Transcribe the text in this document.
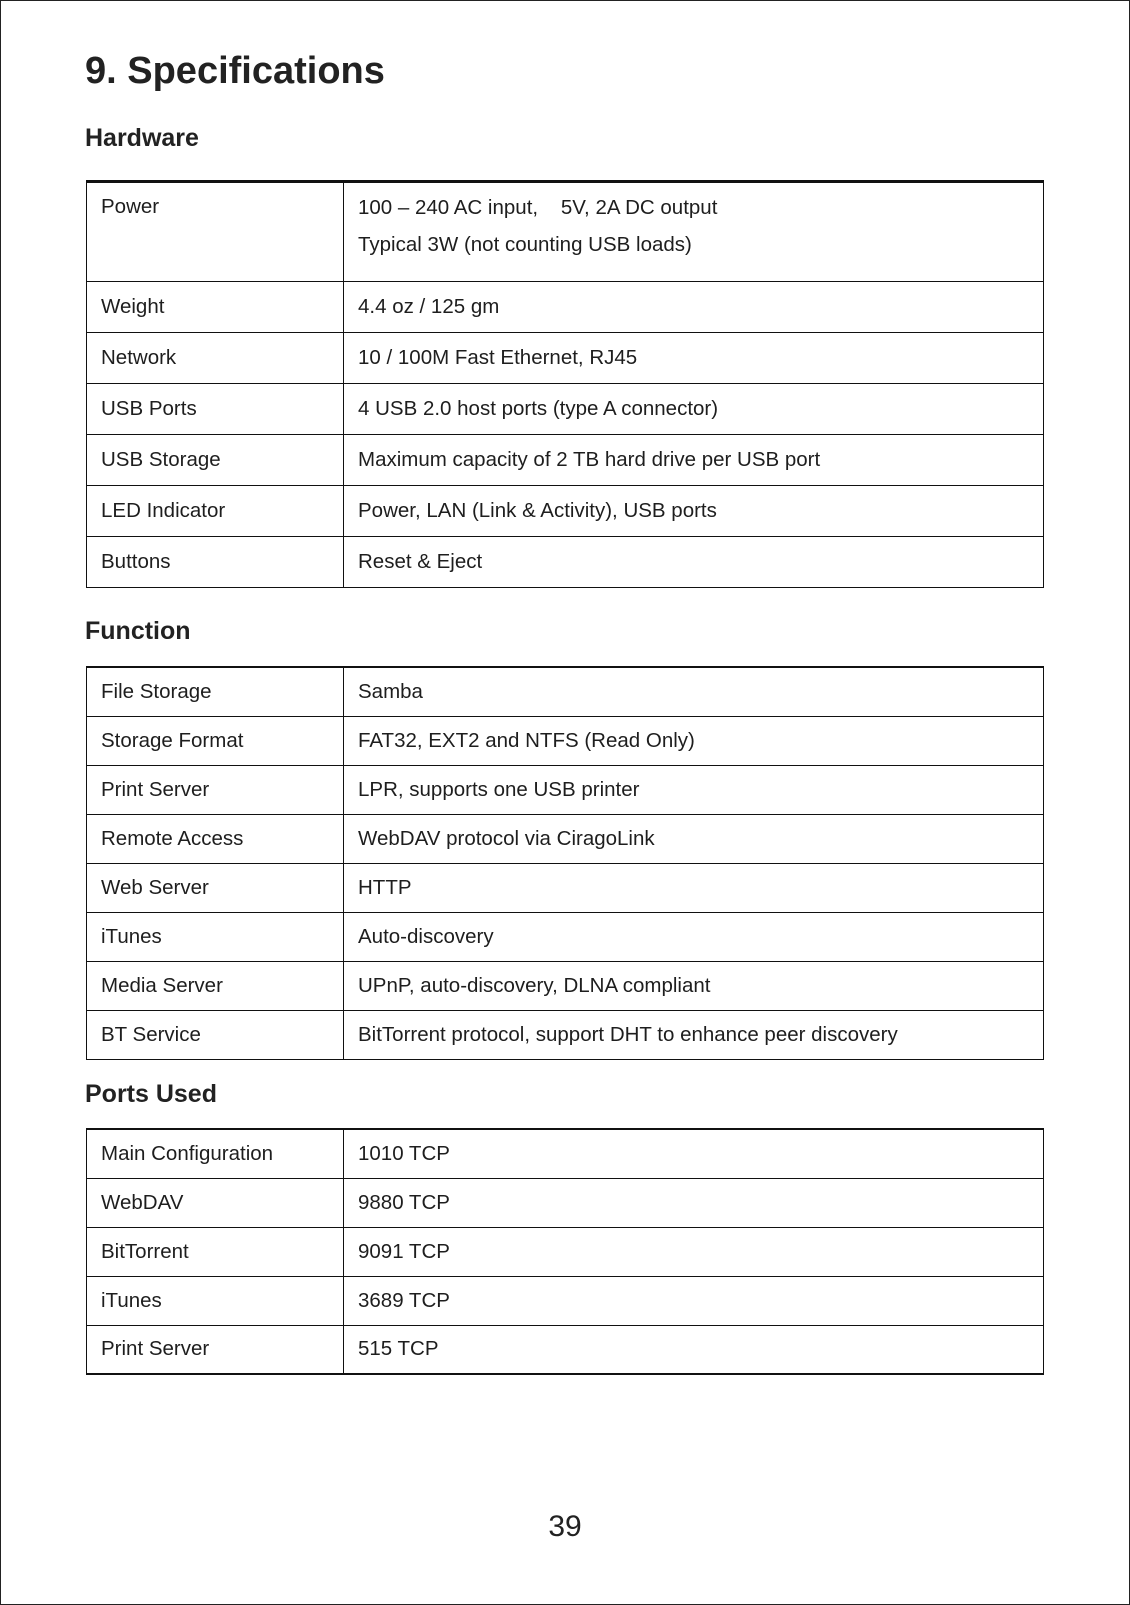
9. Specifications
Hardware
Power	100 – 240 AC input,    5V, 2A DC output
Typical 3W (not counting USB loads)

Weight	4.4 oz / 125 gm
Network	10 / 100M Fast Ethernet, RJ45
USB Ports	4 USB 2.0 host ports (type A connector)
USB Storage	Maximum capacity of 2 TB hard drive per USB port
LED Indicator	Power, LAN (Link & Activity), USB ports
Buttons	Reset & Eject
Function
File Storage	Samba
Storage Format	FAT32, EXT2 and NTFS (Read Only)
Print Server	LPR, supports one USB printer
Remote Access	WebDAV protocol via CiragoLink
Web Server	HTTP
iTunes	Auto-discovery
Media Server	UPnP, auto-discovery, DLNA compliant
BT Service	BitTorrent protocol, support DHT to enhance peer discovery
Ports Used
Main Configuration	1010 TCP
WebDAV	9880 TCP
BitTorrent	9091 TCP
iTunes	3689 TCP
Print Server	515 TCP
39
